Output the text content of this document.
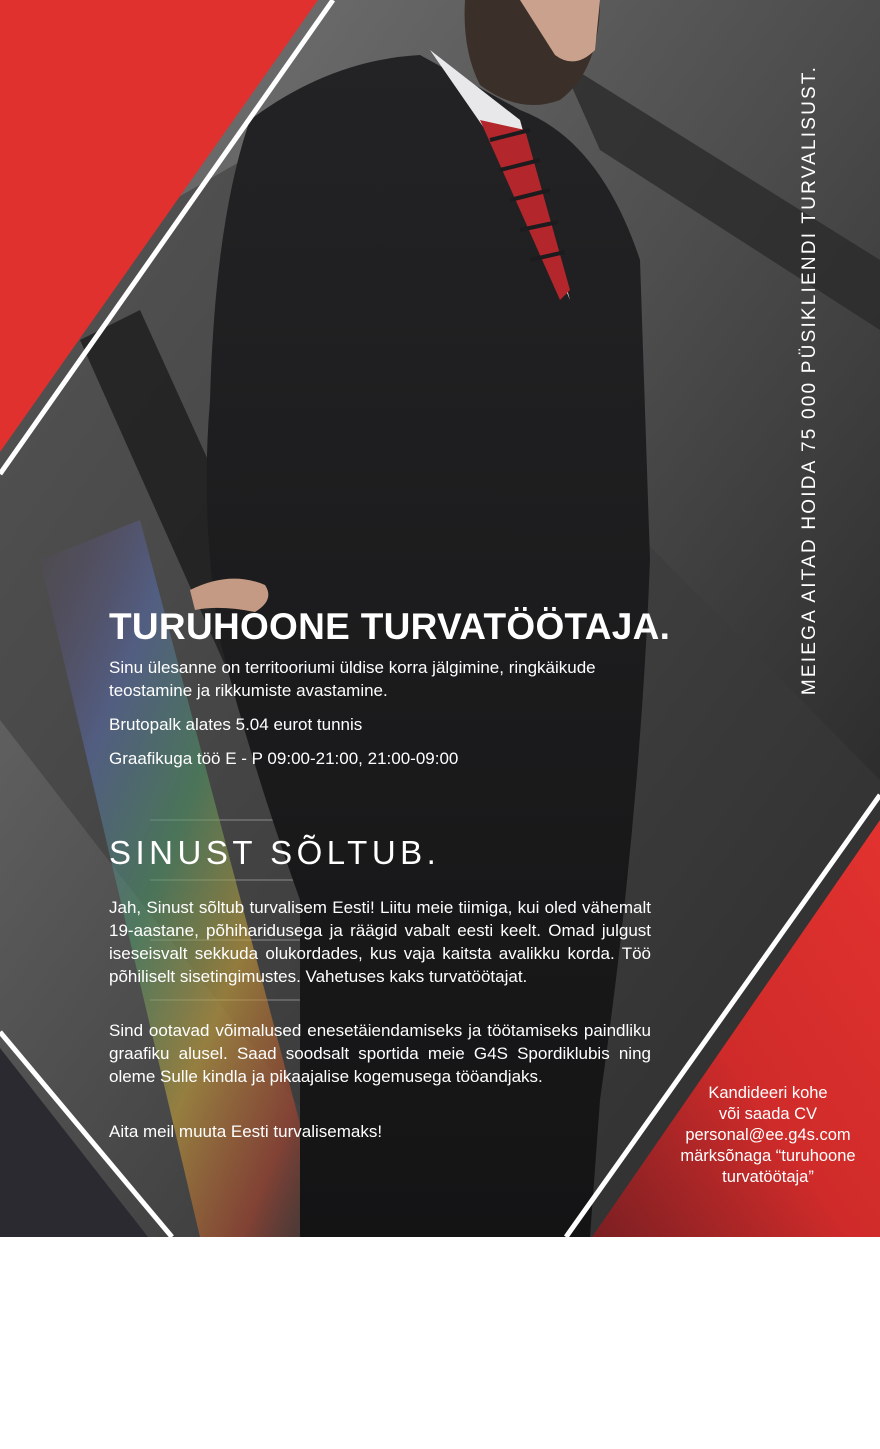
TURUHOONE TURVATÖÖTAJA.

Sinu ülesanne on territooriumi üldise korra jälgimine, ringkäikude teostamine ja rikkumiste avastamine.

Brutopalk alates 5.04 eurot tunnis

Graafikuga töö E - P 09:00-21:00, 21:00-09:00

SINUST SÕLTUB.

Jah, Sinust sõltub turvalisem Eesti! Liitu meie tiimiga, kui oled vähemalt 19-aastane, põhiharidusega ja räägid vabalt eesti keelt. Omad julgust iseseisvalt sekkuda olukordades, kus vaja kaitsta avalikku korda. Töö põhiliselt sisetingimustes. Vahetuses kaks turvatöötajat.

Sind ootavad võimalused enesetäiendamiseks ja töötamiseks paindliku graafiku alusel. Saad soodsalt sportida meie G4S Spordiklubis ning oleme Sulle kindla ja pikaajalise kogemusega tööandjaks.

Aita meil muuta Eesti turvalisemaks!

MEIEGA AITAD HOIDA 75 000 PÜSIKLIENDI TURVALISUST.
Kandideeri kohe
või saada CV
personal@ee.g4s.com
märksõnaga “turuhoone
turvatöötaja”
